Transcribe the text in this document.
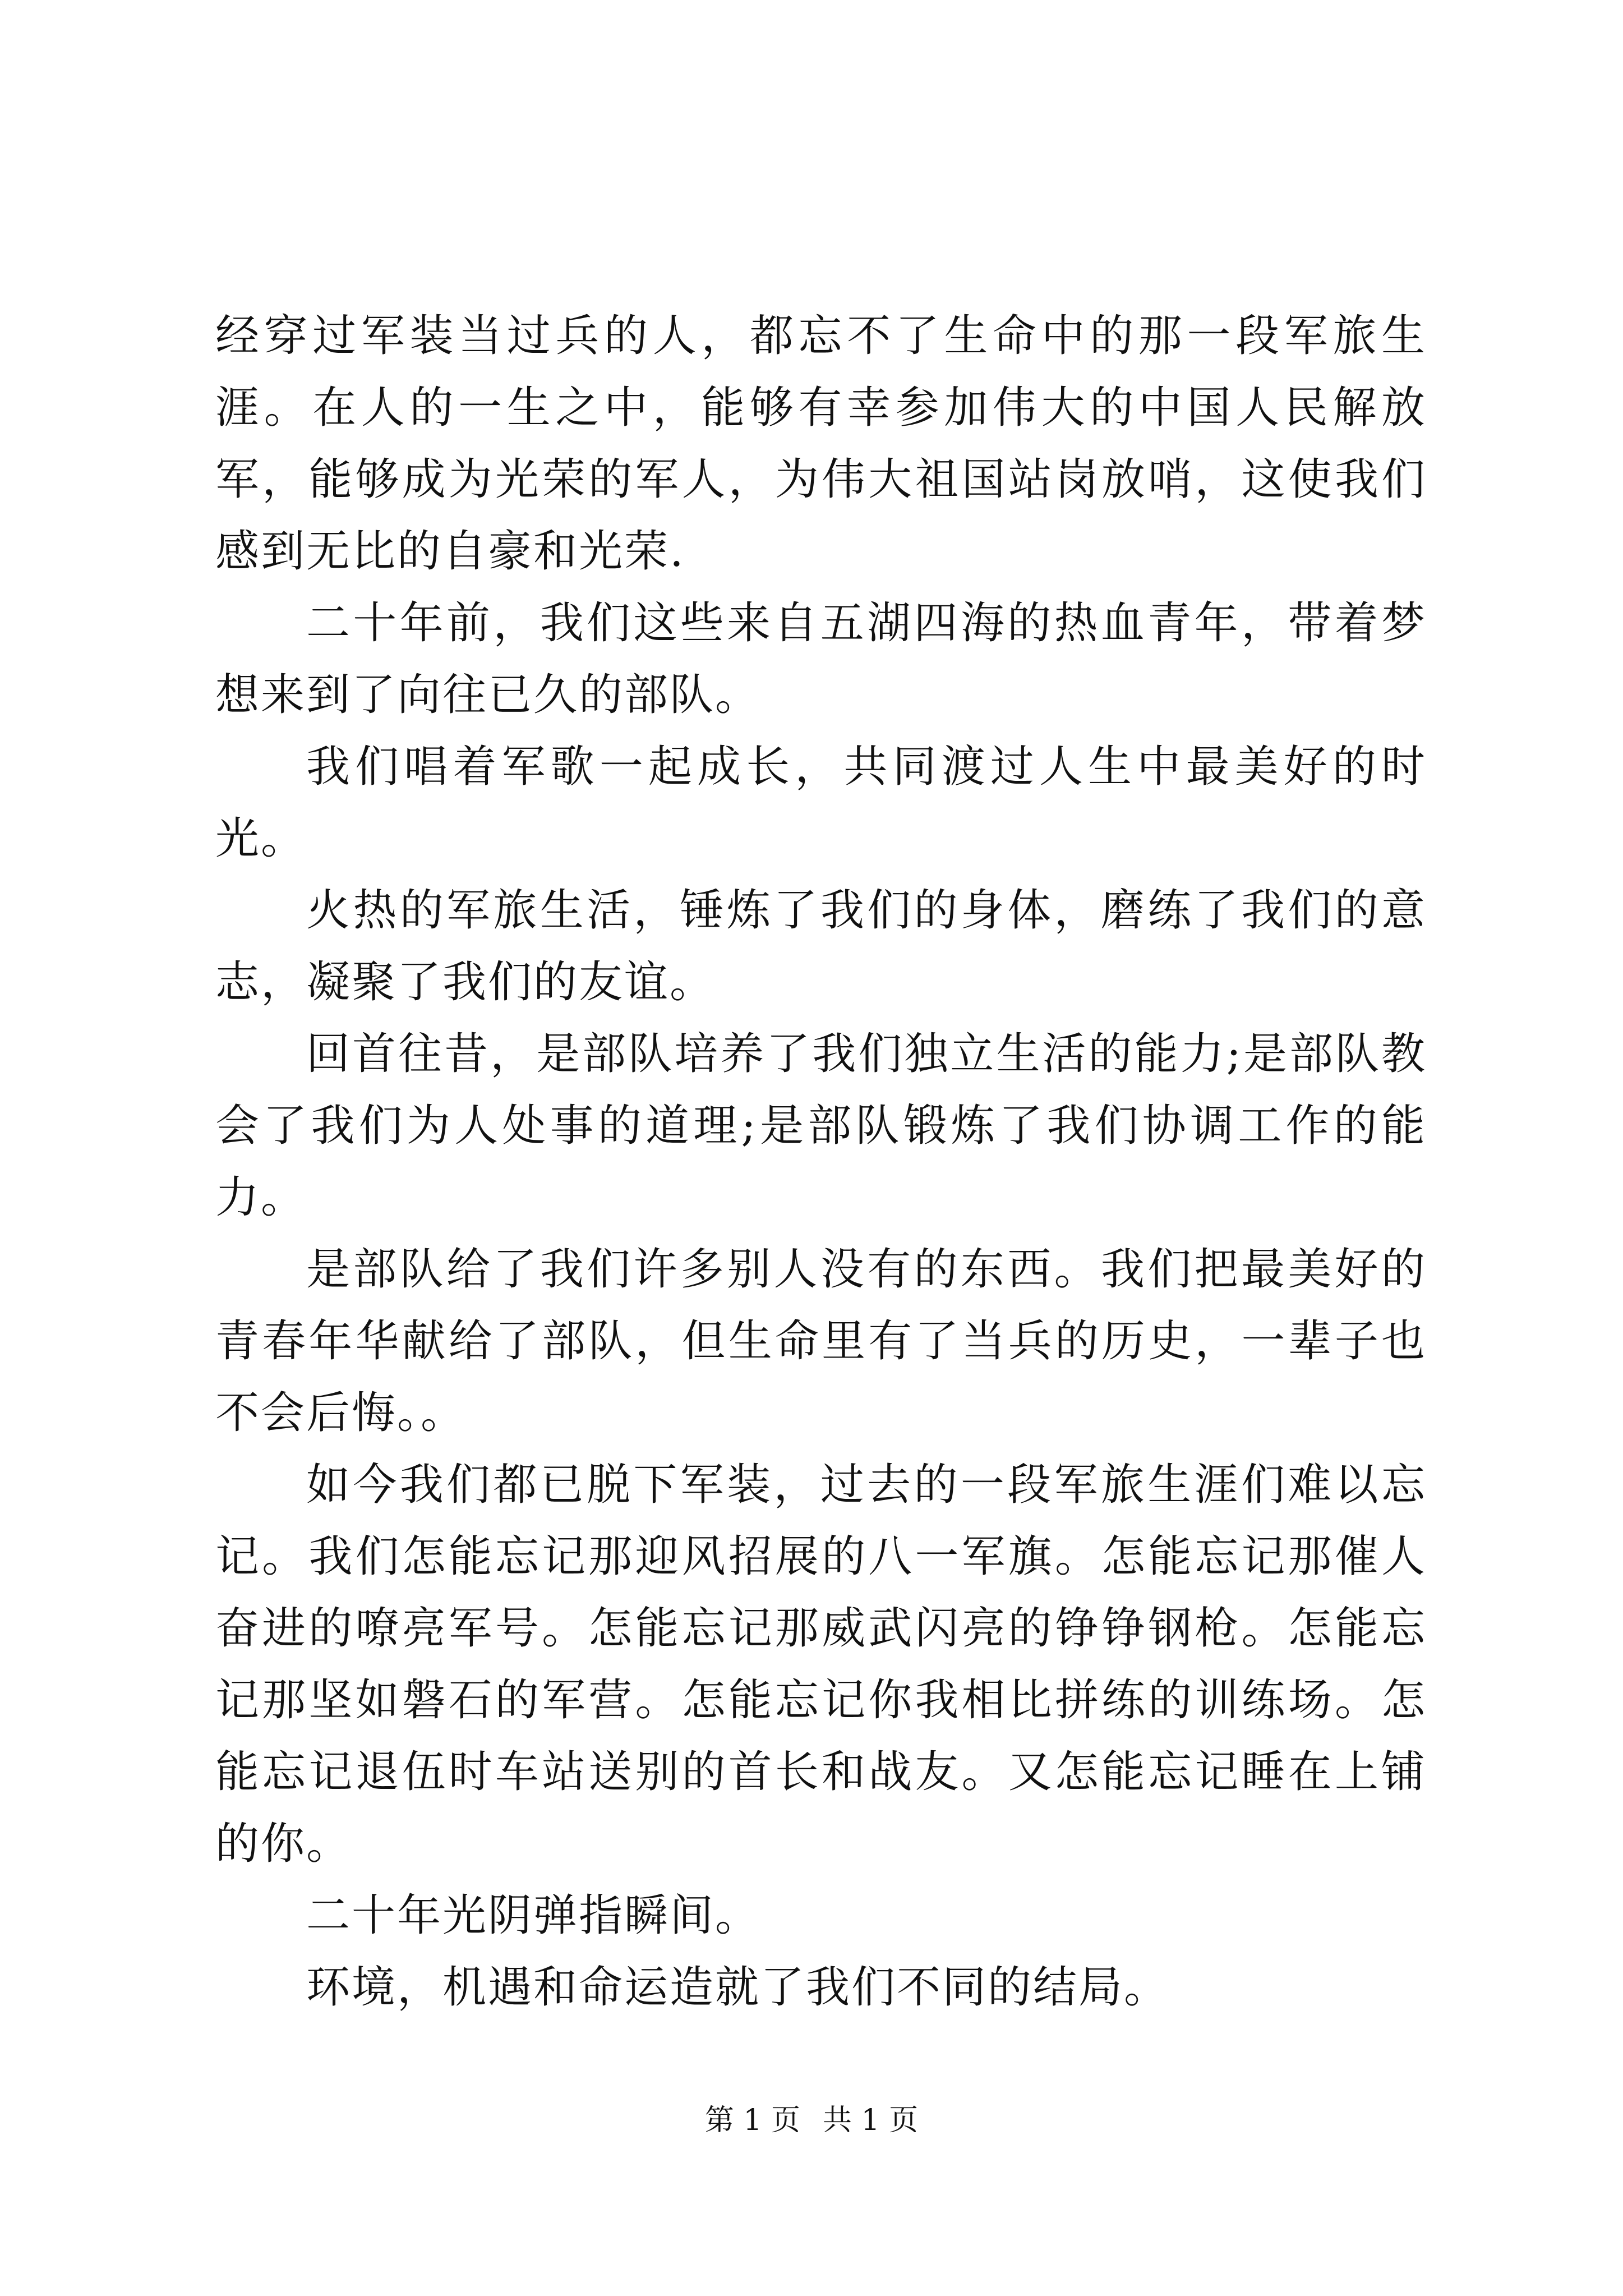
经穿过军装当过兵的人，都忘不了生命中的那一段军旅生涯。在人的一生之中，能够有幸参加伟大的中国人民解放军，能够成为光荣的军人，为伟大祖国站岗放哨，这使我们感到无比的自豪和光荣.

二十年前，我们这些来自五湖四海的热血青年，带着梦想来到了向往已久的部队。

我们唱着军歌一起成长，共同渡过人生中最美好的时光。

火热的军旅生活，锤炼了我们的身体，磨练了我们的意志，凝聚了我们的友谊。

回首往昔，是部队培养了我们独立生活的能力;是部队教会了我们为人处事的道理;是部队锻炼了我们协调工作的能力。

是部队给了我们许多别人没有的东西。我们把最美好的青春年华献给了部队，但生命里有了当兵的历史，一辈子也不会后悔。。

如今我们都已脱下军装，过去的一段军旅生涯们难以忘记。我们怎能忘记那迎风招展的八一军旗。怎能忘记那催人奋进的嘹亮军号。怎能忘记那威武闪亮的铮铮钢枪。怎能忘记那坚如磐石的军营。怎能忘记你我相比拼练的训练场。怎能忘记退伍时车站送别的首长和战友。又怎能忘记睡在上铺的你。

二十年光阴弹指瞬间。

环境，机遇和命运造就了我们不同的结局。

第 1 页 共 1 页
